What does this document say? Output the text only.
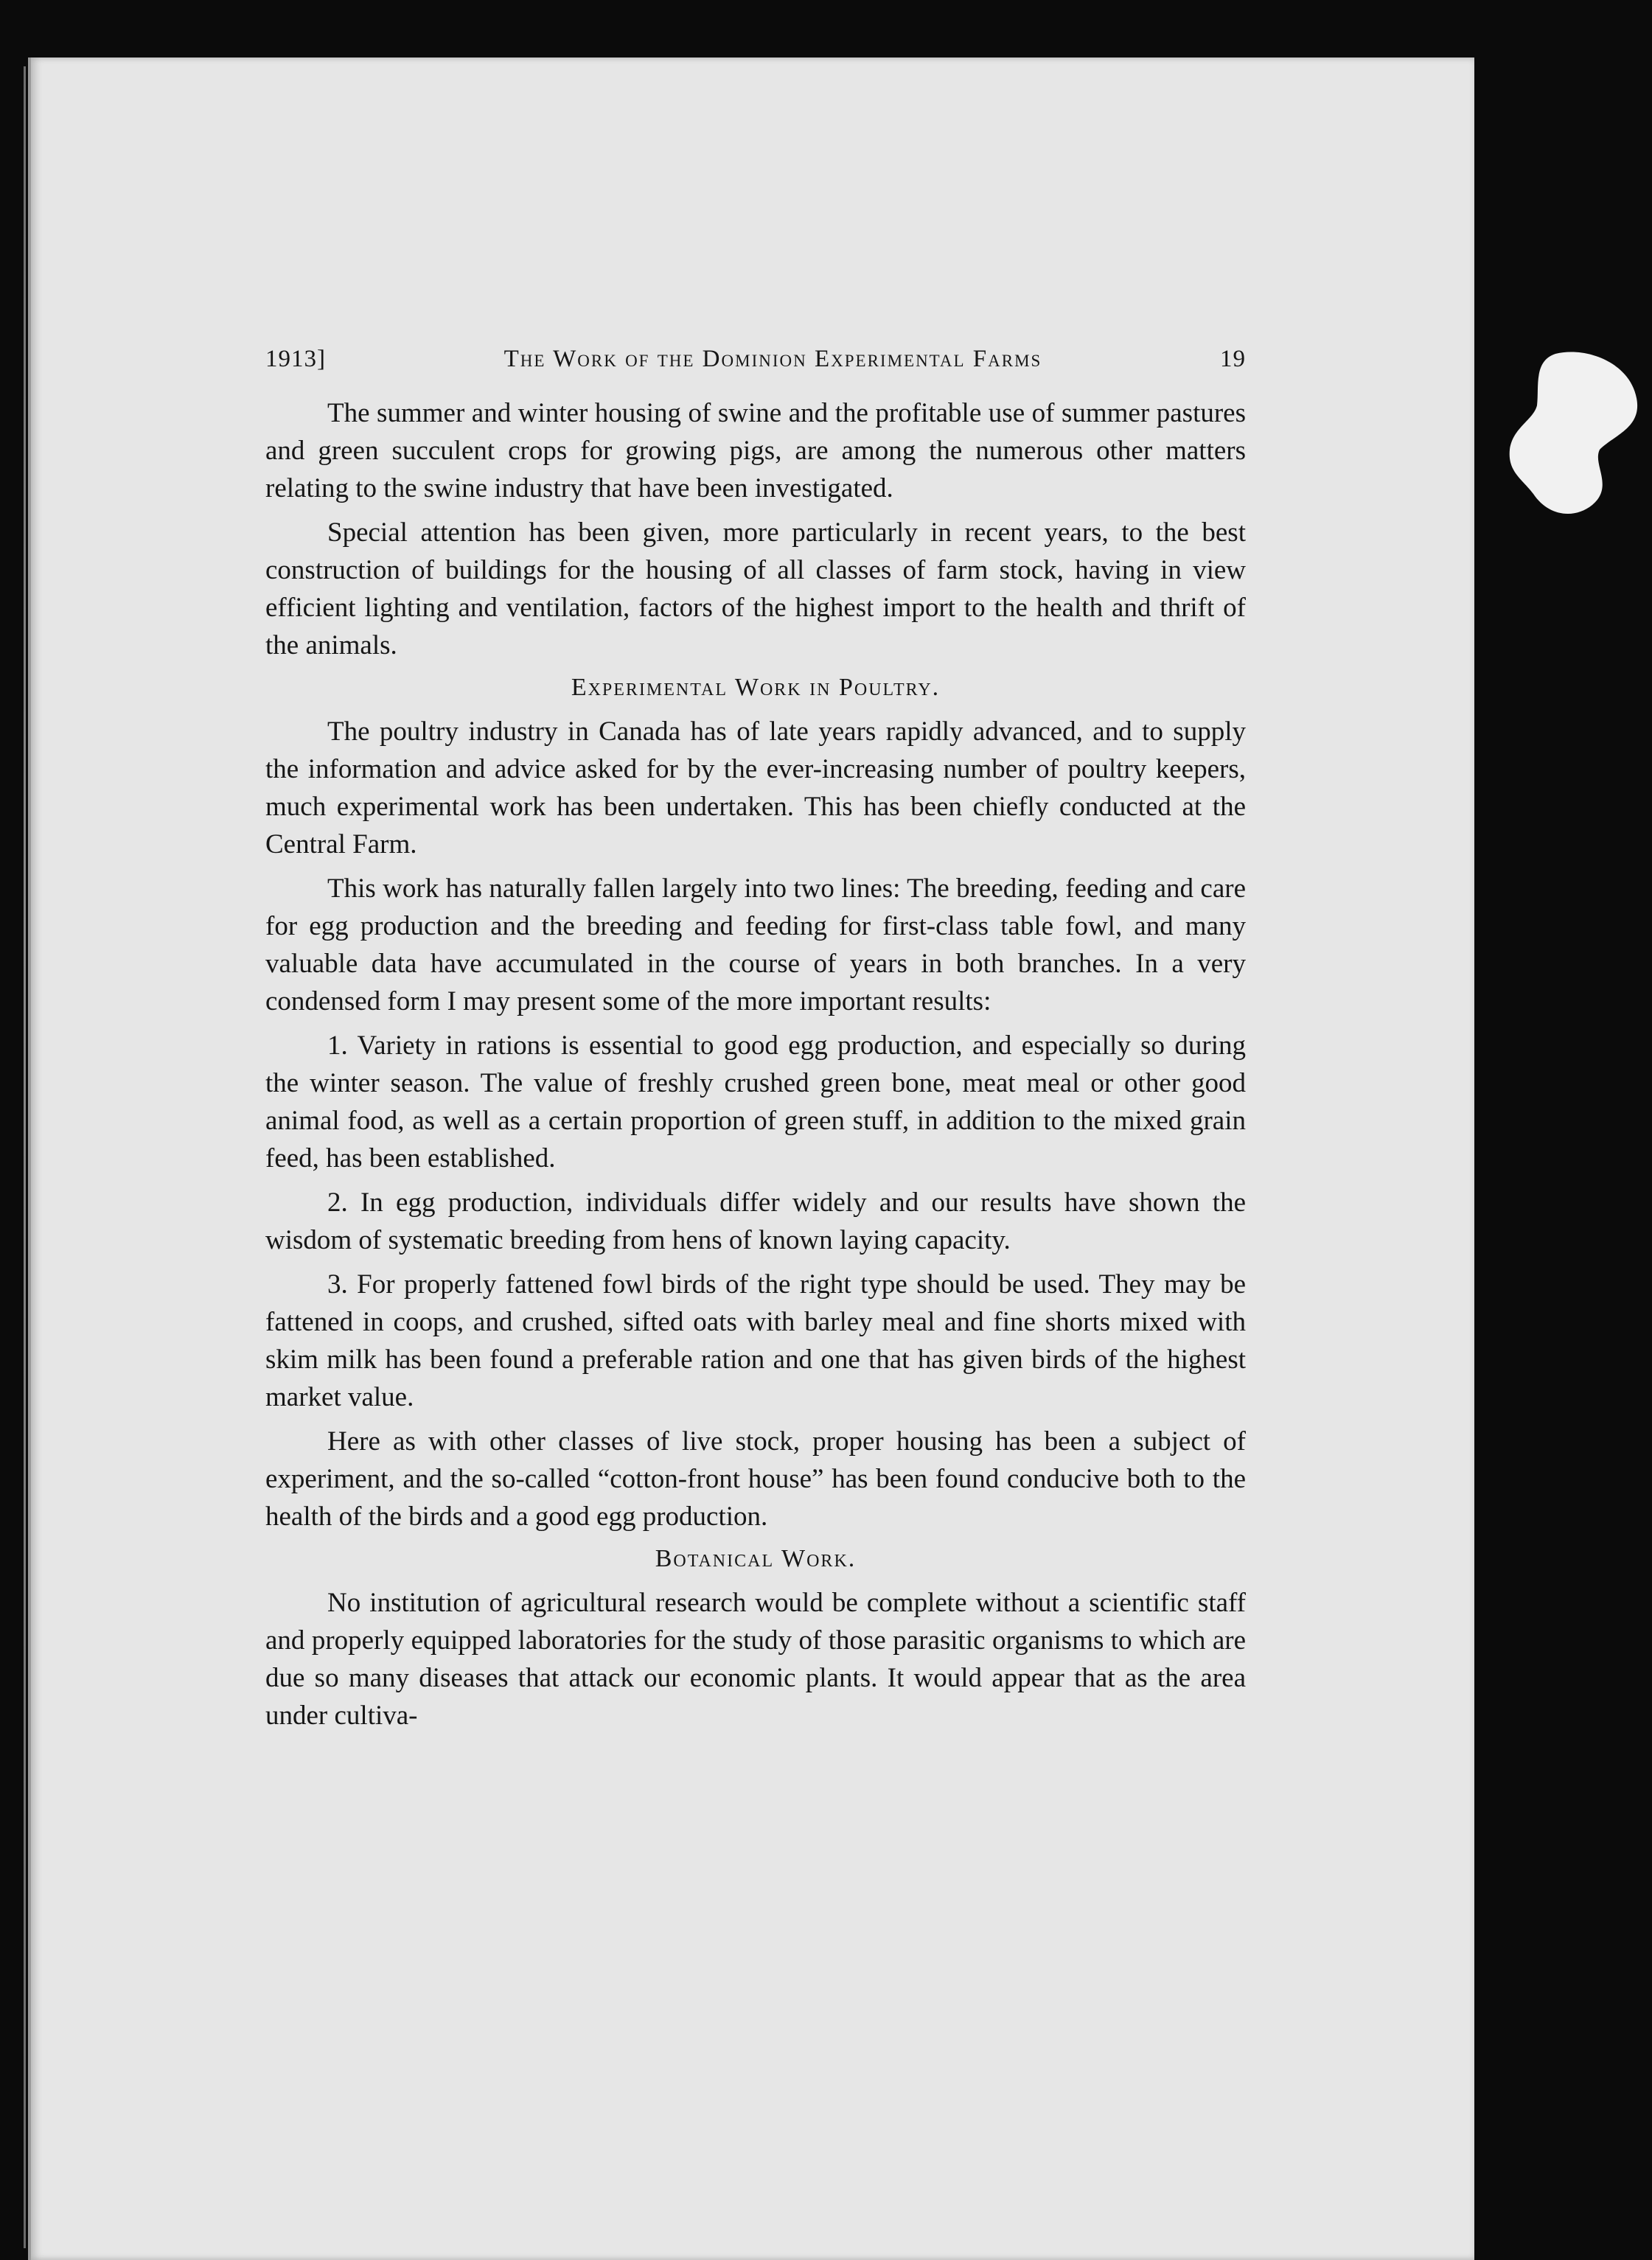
1913]	The Work of the Dominion Experimental Farms	19

The summer and winter housing of swine and the profitable use of summer pastures and green succulent crops for growing pigs, are among the numerous other matters relating to the swine industry that have been investigated.

Special attention has been given, more particularly in recent years, to the best construction of buildings for the housing of all classes of farm stock, having in view efficient lighting and ventilation, factors of the highest import to the health and thrift of the animals.

Experimental Work in Poultry.

The poultry industry in Canada has of late years rapidly advanced, and to supply the information and advice asked for by the ever-increasing number of poultry keepers, much experimental work has been undertaken. This has been chiefly conducted at the Central Farm.

This work has naturally fallen largely into two lines: The breeding, feeding and care for egg production and the breeding and feeding for first-class table fowl, and many valuable data have accumulated in the course of years in both branches. In a very condensed form I may present some of the more important results:

1. Variety in rations is essential to good egg production, and especially so during the winter season. The value of freshly crushed green bone, meat meal or other good animal food, as well as a certain proportion of green stuff, in addition to the mixed grain feed, has been established.

2. In egg production, individuals differ widely and our results have shown the wisdom of systematic breeding from hens of known laying capacity.

3. For properly fattened fowl birds of the right type should be used. They may be fattened in coops, and crushed, sifted oats with barley meal and fine shorts mixed with skim milk has been found a preferable ration and one that has given birds of the highest market value.

Here as with other classes of live stock, proper housing has been a subject of experiment, and the so-called “cotton-front house” has been found conducive both to the health of the birds and a good egg production.

Botanical Work.

No institution of agricultural research would be complete without a scientific staff and properly equipped laboratories for the study of those parasitic organisms to which are due so many diseases that attack our economic plants. It would appear that as the area under cultiva-
